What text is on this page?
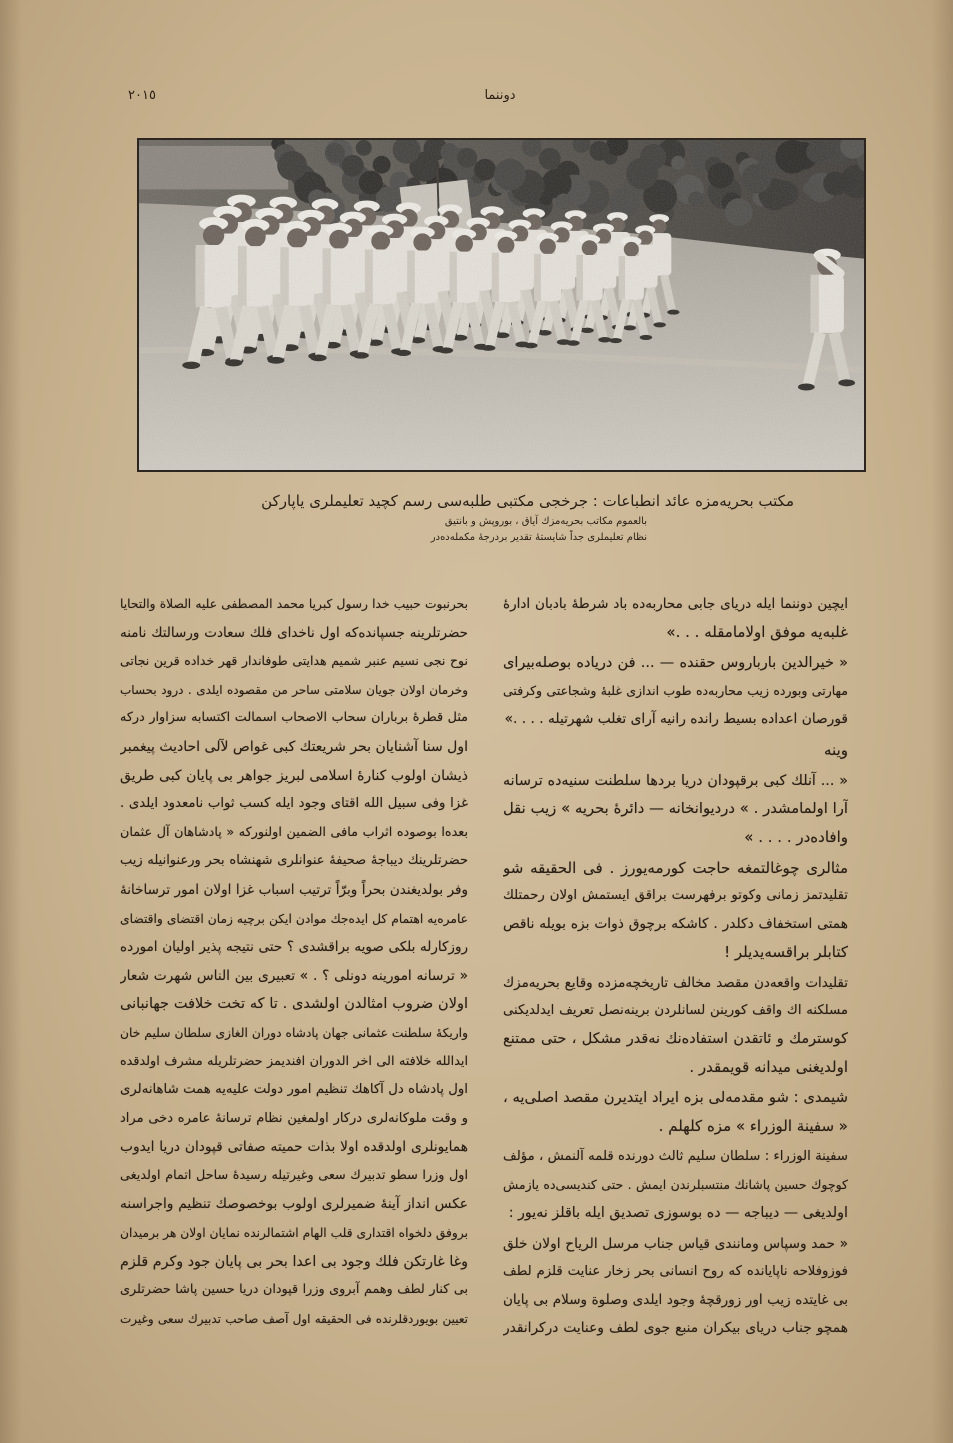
٢٠١٥	دوننما
مكتب بحريه‌مزه عائد انطباعات : جرخجى مكتبى طلبه‌سى رسم كچيد تعليملرى ياپاركن
بالعموم مكاتب بحريه‌مزك آياق ، بوروپش و بانتيق
نظام تعليملرى جداً شايستهٔ تقدير بردرجهٔ مكمله‌ده‌در
ايچين دوننما ايله درياى جابى محاربه‌ده باد شرطهٔ بادبان ادارهٔ
غلبه‌يه موفق اولامامقله . . .»
« خيرالدين بارباروس حقنده — ... فن درياده بوصله‌بيراى
مهارتى وبورده زيب محاربه‌ده طوب اندازى غلبهٔ وشجاعتى وكرفتى
قورصان اعداده بسيط رانده رانيه آراى تغلب شهرتيله . . . .»
وينه
« ... آنلك كبى برقپودان دريا بردها سلطنت سنيه‌ده ترسانه
آرا اولمامشدر . » درديوانخانه — دائرهٔ بحريه » زيب نقل
وافاده‌در . . . . »
مثالرى چوغالتمغه حاجت كورمه‌يورز . فى الحقيقه شو
تقليدتمز زمانى وكوتو برفهرست براقق ايستمش اولان رحمتلك
همتى استخفاف دكلدر . كاشكه برچوق ذوات بزه بويله ناقص
كتابلر براقسه‌يديلر !
تقليدات واقعه‌دن مقصد مخالف تاريخچه‌مزده وقايع بحريه‌مزك
مسلكنه اك واقف كورينن لسانلردن برينه‌نصل تعريف ايدلديكنى
كوسترمك و ئاتقدن استفاده‌نك نه‌قدر مشكل ، حتى ممتنع
اولديغنى ميدانه قويمقدر .
شيمدى : شو مقدمه‌لى بزه ايراد ايتديرن مقصد اصلى‌يه ،
« سفينة الوزراء » مزه كلهلم .
سفينة الوزراء : سلطان سليم ثالث دورنده قلمه آلنمش ، مؤلف
كوچوك حسين پاشانك منتسبلرندن ايمش . حتى كنديسى‌ده يازمش
اولديغى — ديباجه — ده بوسوزى تصديق ايله باقلز نه‌يور :
« حمد وسپاس ومانندى قياس جناب مرسل الرياح اولان خلق
فوزوفلاحه ناپايانده كه روح انسانى بحر زخار عنايت قلزم لطف
بى غايتده زيب اور زورقچهٔ وجود ايلدى وصلوة وسلام بى پايان
همچو جناب درياى بيكران منبع جوى لطف وعنايت دركرانقدر
بحرنبوت حبيب خدا رسول كبريا محمد المصطفى عليه الصلاة والتحايا
حضرتلرينه جسپانده‌كه اول ناخداى فلك سعادت ورسالتك نامنه
نوح نجى نسيم عنبر شميم هدايتى طوفاندار قهر خداده قرين نجاتى
وخرمان اولان جويان سلامتى ساحر من مقصوده ايلدى . درود بحساب
مثل قطرهٔ برباران سحاب الاصحاب اسمالت اكتسابه سزاوار دركه
اول سنا آشنايان بحر شريعتك كبى غواص لآلى احاديث پيغمبر
ذيشان اولوب كنارهٔ اسلامى لبريز جواهر بى پايان كبى طريق
غزا وفى سبيل الله اقتاى وجود ايله كسب ثواب نامعدود ايلدى .
بعده‌ا بوصوده اثراب مافى الضمين اولنوركه « پادشاهان آل عثمان
حضرتلرينك ديباجهٔ صحيفهٔ عنوانلرى شهنشاه بحر ورعنوانيله زيب
وفر بولديغندن بحراً وبرّاً ترتيب اسباب غزا اولان امور ترساخانهٔ
عامره‌يه اهتمام كل ايده‌جك موادن ايكن برچيه زمان اقتضاى واقتضاى
روزكارله بلكى صويه براقشدى ؟ حتى نتيجه پذير اوليان امورده
« ترسانه امورينه دونلى ؟ . » تعبيرى بين الناس شهرت شعار
اولان ضروب امثالدن اولشدى . تا كه تخت خلافت جهانبانى
واريكهٔ سلطنت عثمانى جهان پادشاه دوران الغازى سلطان سليم خان
ايدالله خلافته الى اخر الدوران افنديمز حضرتلريله مشرف اولدقده
اول پادشاه دل آكاهك تنظيم امور دولت عليه‌يه همت شاهانه‌لرى
و وقت ملوكانه‌لرى دركار اولمغين نظام ترسانهٔ عامره دخى مراد
همايونلرى اولدقده اولا بذات حميته صفاتى قپودان دريا ايدوب
اول وزرا سطو تدبيرك سعى وغيرتيله رسيدهٔ ساحل اتمام اولديغى
عكس انداز آينهٔ ضميرلرى اولوب بوخصوصك تنظيم واجراسنه
بروفق دلخواه اقتدارى قلب الهام اشتمالرنده نمايان اولان هر برميدان
وغا غارتكن فلك وجود بى اعدا بحر بى پايان جود وكرم قلزم
بى كنار لطف وهمم آبروى وزرا قپودان دريا حسين پاشا حضرتلرى
تعيين بويوردقلرنده فى الحقيقه اول آصف صاحب تدبيرك سعى وغيرت
